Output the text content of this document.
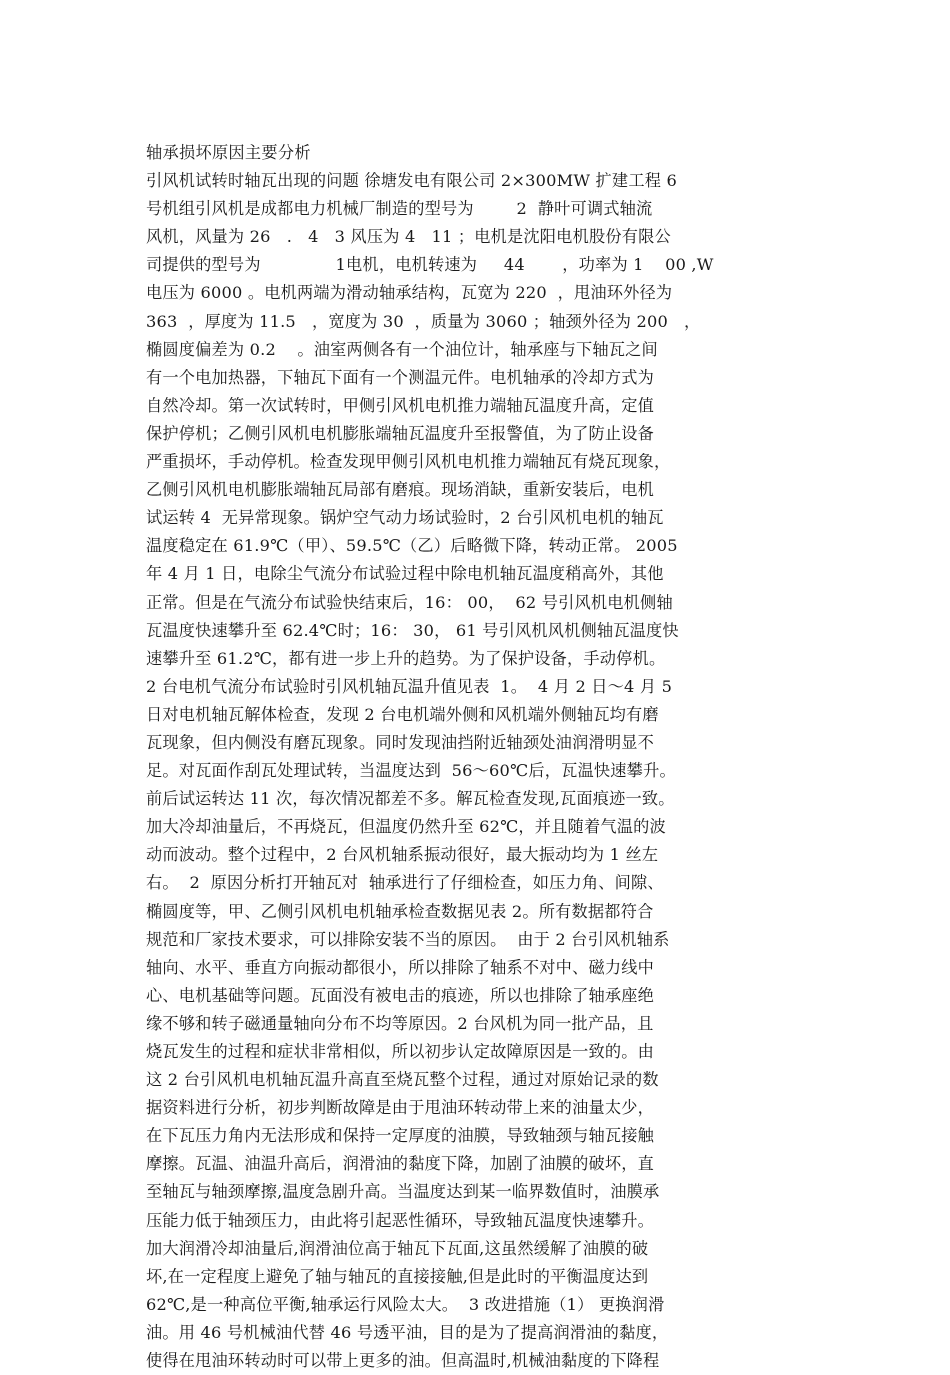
轴承损坏原因主要分析
引风机试转时轴瓦出现的问题 徐塘发电有限公司 2×300MW 扩建工程 6
号机组引风机是成都电力机械厂制造的型号为        2  静叶可调式轴流
风机，风量为 26   .   4   3 风压为 4   11 ；电机是沈阳电机股份有限公
司提供的型号为              1电机，电机转速为     44       ，功率为 1    00 ,W
电压为 6000 。电机两端为滑动轴承结构，瓦宽为 220  ，甩油环外径为
363  ，厚度为 11.5   ，宽度为 30  ，质量为 3060 ；轴颈外径为 200   ，
椭圆度偏差为 0.2    。油室两侧各有一个油位计，轴承座与下轴瓦之间
有一个电加热器，下轴瓦下面有一个测温元件。电机轴承的冷却方式为
自然冷却。第一次试转时，甲侧引风机电机推力端轴瓦温度升高，定值
保护停机；乙侧引风机电机膨胀端轴瓦温度升至报警值，为了防止设备
严重损坏，手动停机。检查发现甲侧引风机电机推力端轴瓦有烧瓦现象，
乙侧引风机电机膨胀端轴瓦局部有磨痕。现场消缺，重新安装后，电机
试运转 4  无异常现象。锅炉空气动力场试验时，2 台引风机电机的轴瓦
温度稳定在 61.9℃（甲）、59.5℃（乙）后略微下降，转动正常。 2005
年 4 月 1 日，电除尘气流分布试验过程中除电机轴瓦温度稍高外，其他
正常。但是在气流分布试验快结束后，16： 00，  62 号引风机电机侧轴
瓦温度快速攀升至 62.4℃时；16： 30， 61 号引风机风机侧轴瓦温度快
速攀升至 61.2℃，都有进一步上升的趋势。为了保护设备，手动停机。
2 台电机气流分布试验时引风机轴瓦温升值见表  1。  4 月 2 日～4 月 5
日对电机轴瓦解体检查，发现 2 台电机端外侧和风机端外侧轴瓦均有磨
瓦现象，但内侧没有磨瓦现象。同时发现油挡附近轴颈处油润滑明显不
足。对瓦面作刮瓦处理试转，当温度达到  56～60℃后，瓦温快速攀升。
前后试运转达 11 次，每次情况都差不多。解瓦检查发现,瓦面痕迹一致。
加大冷却油量后，不再烧瓦，但温度仍然升至 62℃，并且随着气温的波
动而波动。整个过程中，2 台风机轴系振动很好，最大振动均为 1 丝左
右。  2  原因分析打开轴瓦对  轴承进行了仔细检查，如压力角、间隙、
椭圆度等，甲、乙侧引风机电机轴承检查数据见表 2。所有数据都符合
规范和厂家技术要求，可以排除安装不当的原因。  由于 2 台引风机轴系
轴向、水平、垂直方向振动都很小，所以排除了轴系不对中、磁力线中
心、电机基础等问题。瓦面没有被电击的痕迹，所以也排除了轴承座绝
缘不够和转子磁通量轴向分布不均等原因。2 台风机为同一批产品，且
烧瓦发生的过程和症状非常相似，所以初步认定故障原因是一致的。由
这 2 台引风机电机轴瓦温升高直至烧瓦整个过程，通过对原始记录的数
据资料进行分析，初步判断故障是由于甩油环转动带上来的油量太少，
在下瓦压力角内无法形成和保持一定厚度的油膜，导致轴颈与轴瓦接触
摩擦。瓦温、油温升高后，润滑油的黏度下降，加剧了油膜的破坏，直
至轴瓦与轴颈摩擦,温度急剧升高。当温度达到某一临界数值时，油膜承
压能力低于轴颈压力，由此将引起恶性循环，导致轴瓦温度快速攀升。
加大润滑冷却油量后,润滑油位高于轴瓦下瓦面,这虽然缓解了油膜的破
坏,在一定程度上避免了轴与轴瓦的直接接触,但是此时的平衡温度达到
62℃,是一种高位平衡,轴承运行风险太大。  3 改进措施（1） 更换润滑
油。用 46 号机械油代替 46 号透平油，目的是为了提高润滑油的黏度，
使得在甩油环转动时可以带上更多的油。但高温时,机械油黏度的下降程
